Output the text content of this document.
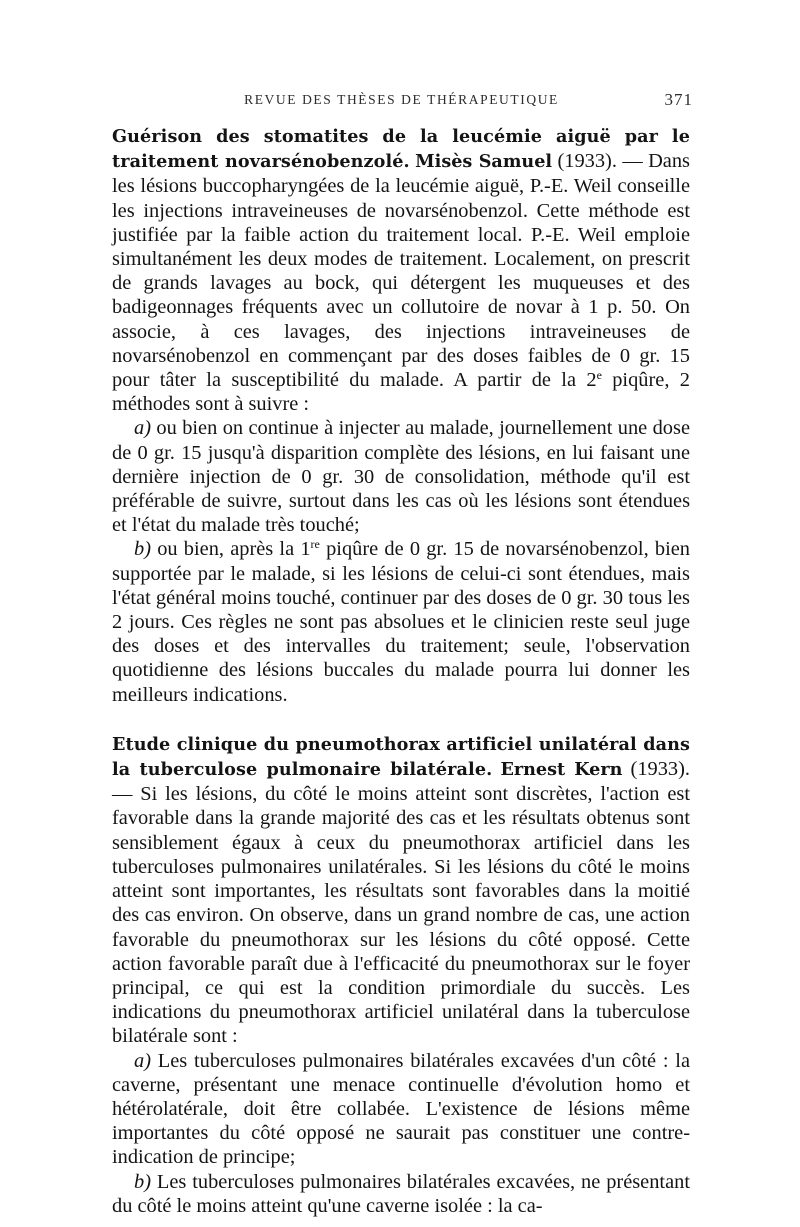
REVUE DES THÈSES DE THÉRAPEUTIQUE	371

Guérison des stomatites de la leucémie aiguë par le traitement novarsénobenzolé. Misès Samuel (1933). — Dans les lésions buccopharyngées de la leucémie aiguë, P.-E. Weil conseille les injections intraveineuses de novarsénobenzol. Cette méthode est justifiée par la faible action du traitement local. P.-E. Weil emploie simultanément les deux modes de traitement. Localement, on prescrit de grands lavages au bock, qui détergent les muqueuses et des badigeonnages fréquents avec un collutoire de novar à 1 p. 50. On associe, à ces lavages, des injections intraveineuses de novarsénobenzol en commençant par des doses faibles de 0 gr. 15 pour tâter la susceptibilité du malade. A partir de la 2e piqûre, 2 méthodes sont à suivre :

a) ou bien on continue à injecter au malade, journellement une dose de 0 gr. 15 jusqu'à disparition complète des lésions, en lui faisant une dernière injection de 0 gr. 30 de consolidation, méthode qu'il est préférable de suivre, surtout dans les cas où les lésions sont étendues et l'état du malade très touché;

b) ou bien, après la 1re piqûre de 0 gr. 15 de novarsénobenzol, bien supportée par le malade, si les lésions de celui-ci sont étendues, mais l'état général moins touché, continuer par des doses de 0 gr. 30 tous les 2 jours. Ces règles ne sont pas absolues et le clinicien reste seul juge des doses et des intervalles du traitement; seule, l'observation quotidienne des lésions buccales du malade pourra lui donner les meilleurs indications.

Etude clinique du pneumothorax artificiel unilatéral dans la tuberculose pulmonaire bilatérale. Ernest Kern (1933). — Si les lésions, du côté le moins atteint sont discrètes, l'action est favorable dans la grande majorité des cas et les résultats obtenus sont sensiblement égaux à ceux du pneumothorax artificiel dans les tuberculoses pulmonaires unilatérales. Si les lésions du côté le moins atteint sont importantes, les résultats sont favorables dans la moitié des cas environ. On observe, dans un grand nombre de cas, une action favorable du pneumothorax sur les lésions du côté opposé. Cette action favorable paraît due à l'efficacité du pneumothorax sur le foyer principal, ce qui est la condition primordiale du succès. Les indications du pneumothorax artificiel unilatéral dans la tuberculose bilatérale sont :

a) Les tuberculoses pulmonaires bilatérales excavées d'un côté : la caverne, présentant une menace continuelle d'évolution homo et hétérolatérale, doit être collabée. L'existence de lésions même importantes du côté opposé ne saurait pas constituer une contre-indication de principe;

b) Les tuberculoses pulmonaires bilatérales excavées, ne présentant du côté le moins atteint qu'une caverne isolée : la ca-
